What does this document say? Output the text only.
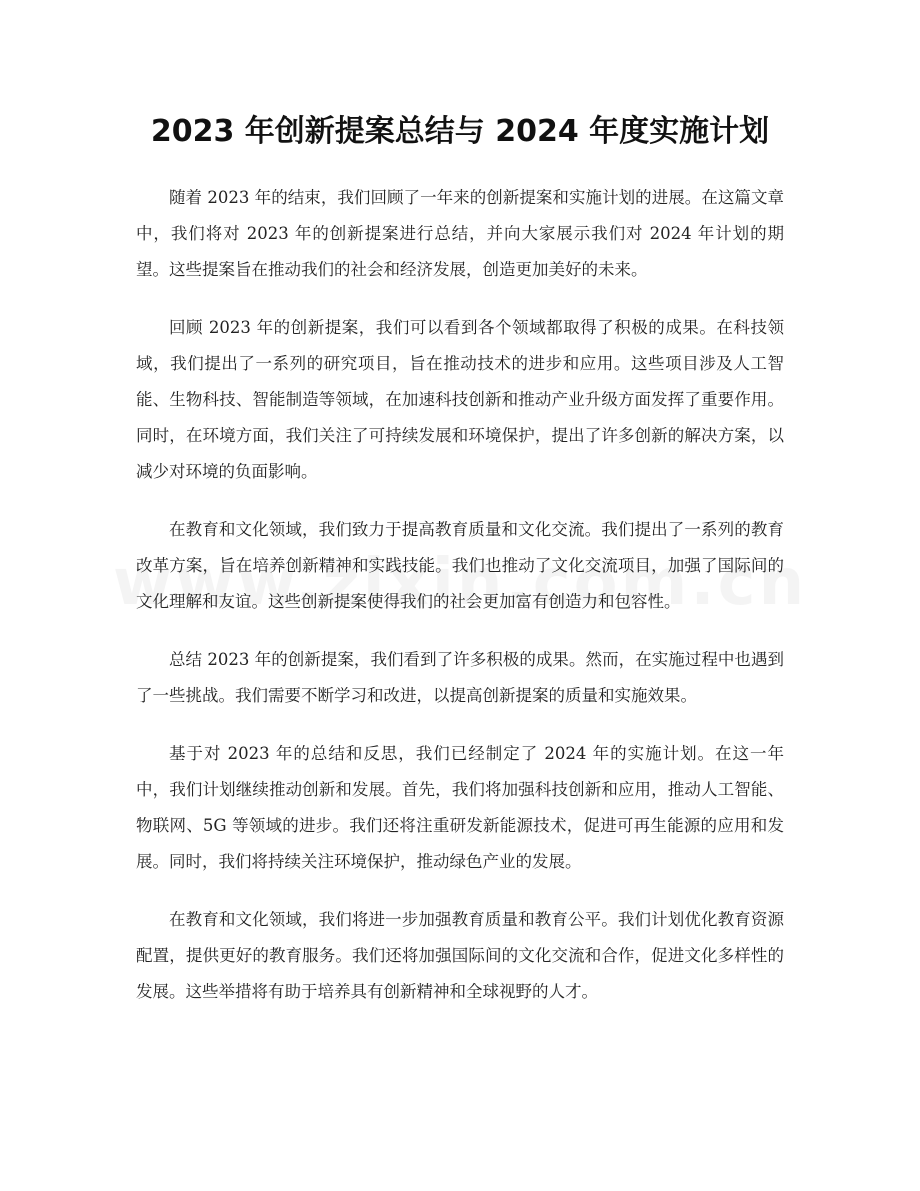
2023 年创新提案总结与 2024 年度实施计划

随着 2023 年的结束，我们回顾了一年来的创新提案和实施计划的进展。在这篇文章中，我们将对 2023 年的创新提案进行总结，并向大家展示我们对 2024 年计划的期望。这些提案旨在推动我们的社会和经济发展，创造更加美好的未来。

回顾 2023 年的创新提案，我们可以看到各个领域都取得了积极的成果。在科技领域，我们提出了一系列的研究项目，旨在推动技术的进步和应用。这些项目涉及人工智能、生物科技、智能制造等领域，在加速科技创新和推动产业升级方面发挥了重要作用。同时，在环境方面，我们关注了可持续发展和环境保护，提出了许多创新的解决方案，以减少对环境的负面影响。

在教育和文化领域，我们致力于提高教育质量和文化交流。我们提出了一系列的教育改革方案，旨在培养创新精神和实践技能。我们也推动了文化交流项目，加强了国际间的文化理解和友谊。这些创新提案使得我们的社会更加富有创造力和包容性。

总结 2023 年的创新提案，我们看到了许多积极的成果。然而，在实施过程中也遇到了一些挑战。我们需要不断学习和改进，以提高创新提案的质量和实施效果。

基于对 2023 年的总结和反思，我们已经制定了 2024 年的实施计划。在这一年中，我们计划继续推动创新和发展。首先，我们将加强科技创新和应用，推动人工智能、物联网、5G 等领域的进步。我们还将注重研发新能源技术，促进可再生能源的应用和发展。同时，我们将持续关注环境保护，推动绿色产业的发展。

在教育和文化领域，我们将进一步加强教育质量和教育公平。我们计划优化教育资源配置，提供更好的教育服务。我们还将加强国际间的文化交流和合作，促进文化多样性的发展。这些举措将有助于培养具有创新精神和全球视野的人才。
